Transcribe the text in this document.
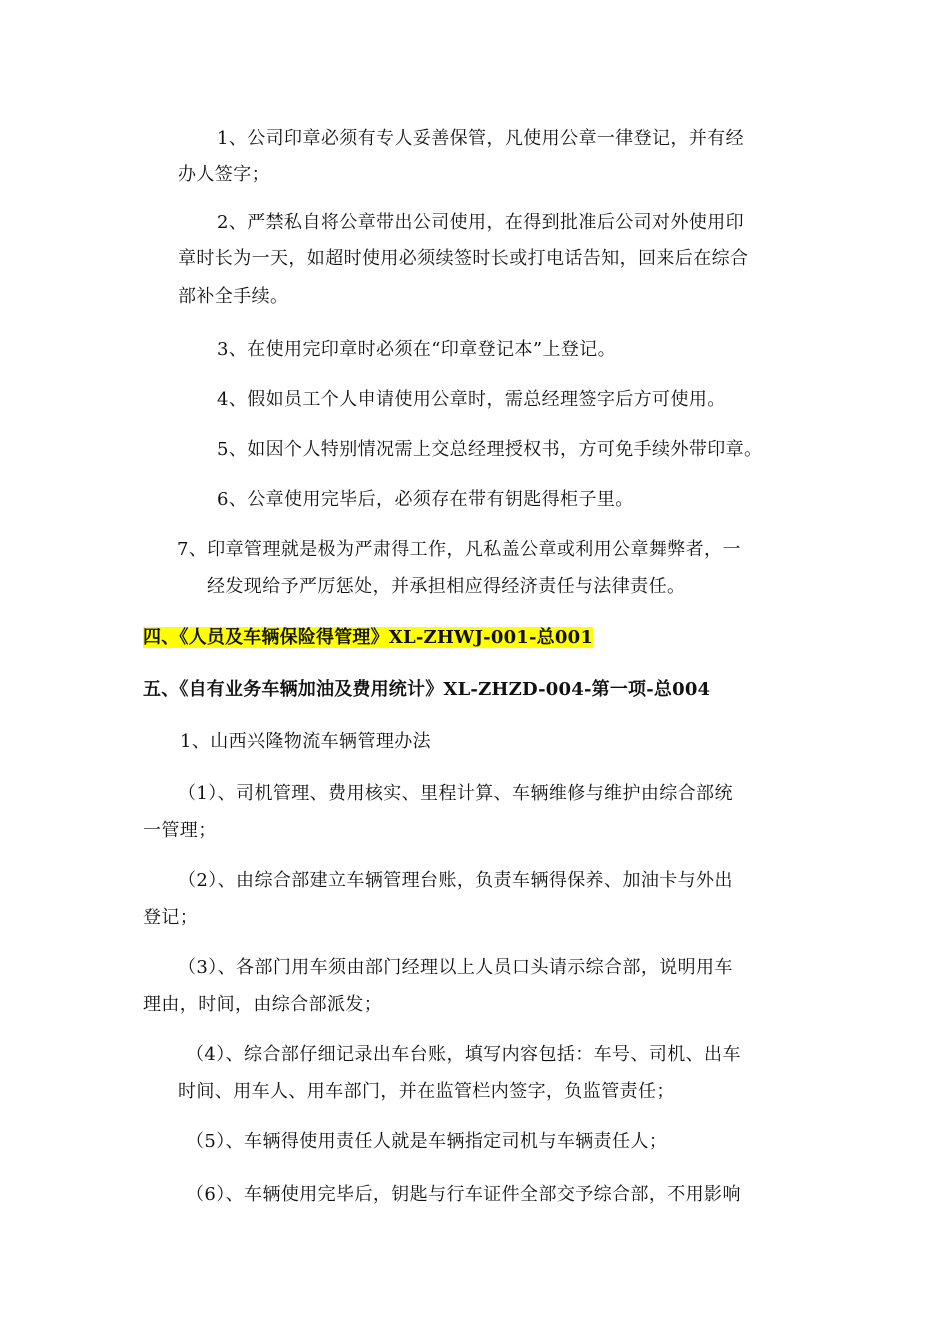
1、公司印章必须有专人妥善保管，凡使用公章一律登记，并有经
办人签字；
2、严禁私自将公章带出公司使用，在得到批准后公司对外使用印
章时长为一天，如超时使用必须续签时长或打电话告知，回来后在综合
部补全手续。
3、在使用完印章时必须在“印章登记本”上登记。
4、假如员工个人申请使用公章时，需总经理签字后方可使用。
5、如因个人特别情况需上交总经理授权书，方可免手续外带印章。
6、公章使用完毕后，必须存在带有钥匙得柜子里。
7、印章管理就是极为严肃得工作，凡私盖公章或利用公章舞弊者，一
经发现给予严厉惩处，并承担相应得经济责任与法律责任。
四、《人员及车辆保险得管理》XL-ZHWJ-001-总001
五、《自有业务车辆加油及费用统计》XL-ZHZD-004-第一项-总004
1、山西兴隆物流车辆管理办法
（1）、司机管理、费用核实、里程计算、车辆维修与维护由综合部统
一管理；
（2）、由综合部建立车辆管理台账，负责车辆得保养、加油卡与外出
登记；
（3）、各部门用车须由部门经理以上人员口头请示综合部，说明用车
理由，时间，由综合部派发；
（4）、综合部仔细记录出车台账，填写内容包括：车号、司机、出车
时间、用车人、用车部门，并在监管栏内签字，负监管责任；
（5）、车辆得使用责任人就是车辆指定司机与车辆责任人；
（6）、车辆使用完毕后，钥匙与行车证件全部交予综合部，不用影响
